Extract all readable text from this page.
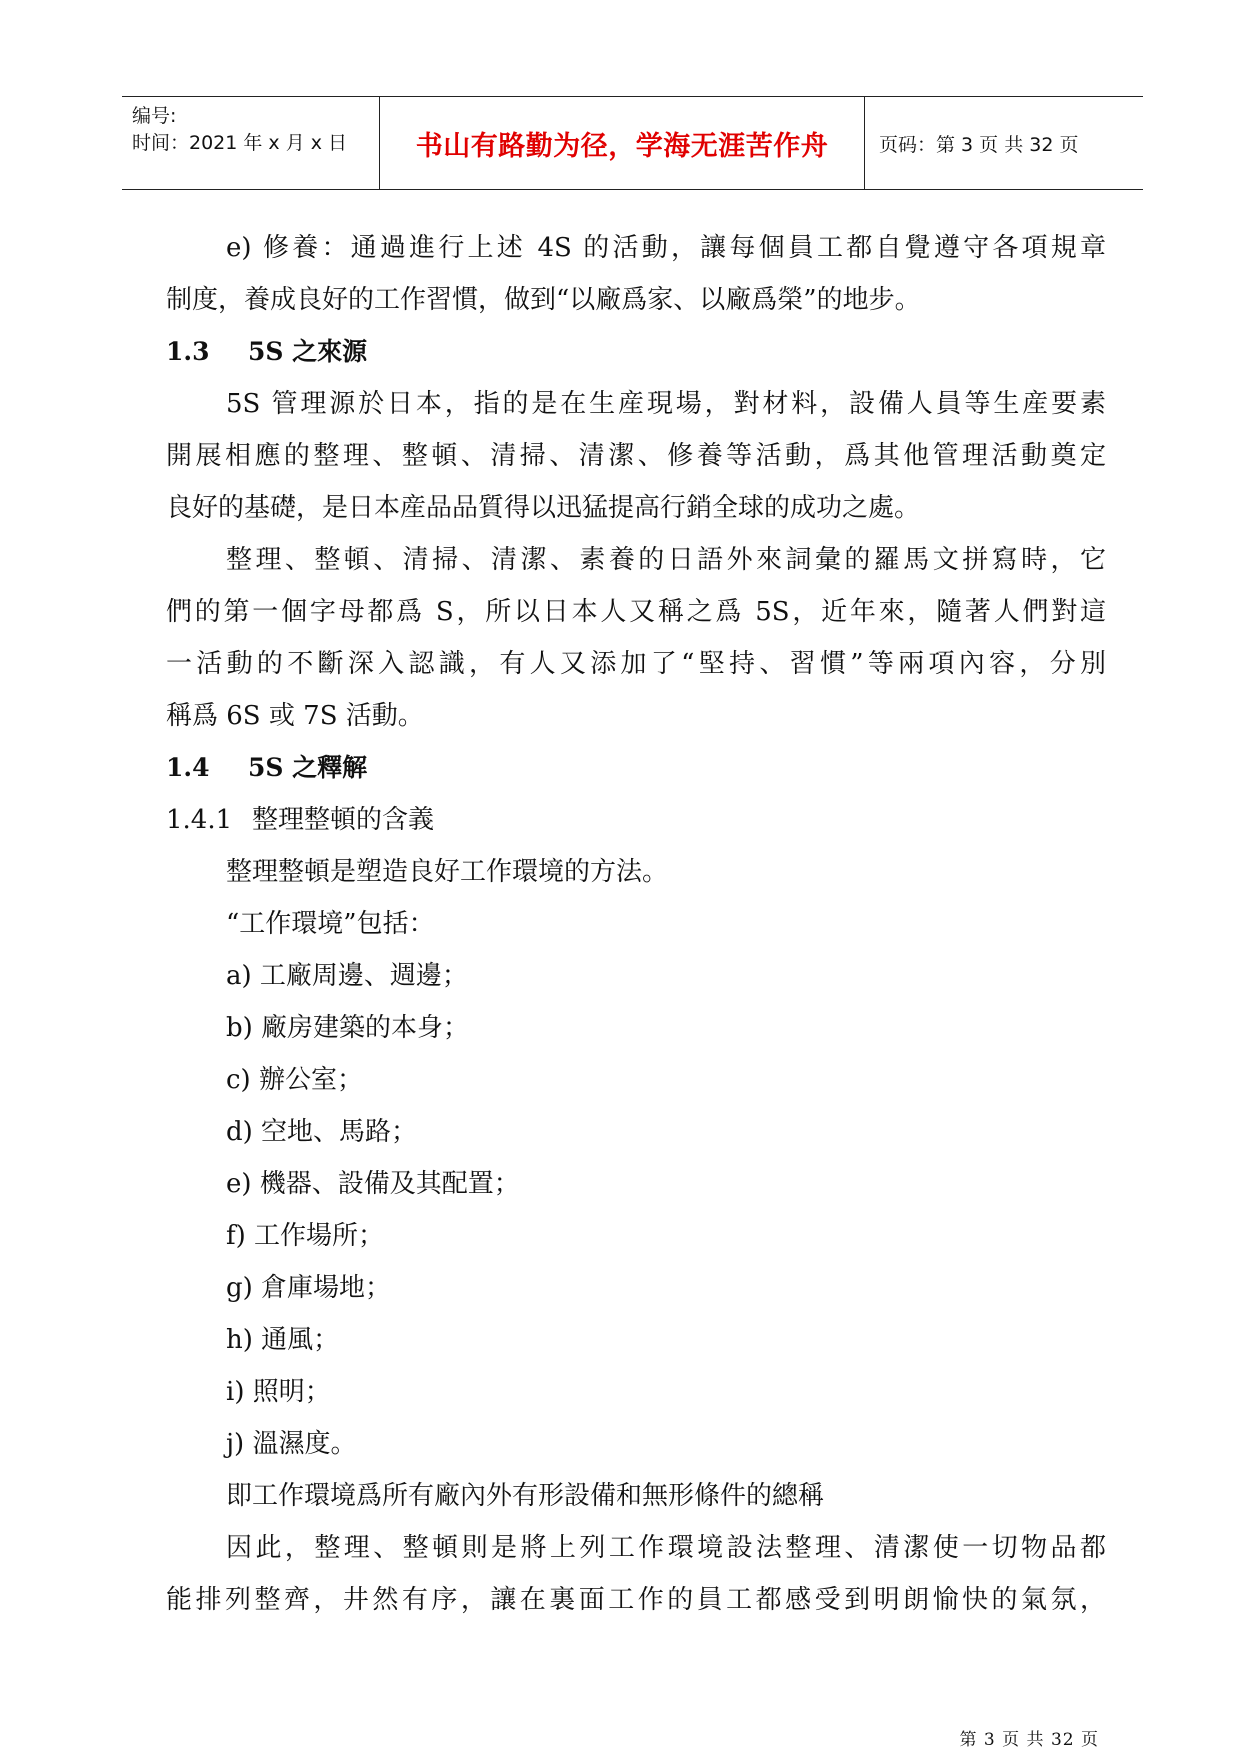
编号:
时间：2021 年 x 月 x 日	书山有路勤为径，学海无涯苦作舟	页码：第 3 页 共 32 页

e) 修養：通過進行上述 4S 的活動，讓每個員工都自覺遵守各項規章

制度，養成良好的工作習慣，做到“以廠爲家、以廠爲榮”的地步。

1.3 5S 之來源

5S 管理源於日本，指的是在生産現場，對材料，設備人員等生産要素

開展相應的整理、整頓、清掃、清潔、修養等活動，爲其他管理活動奠定

良好的基礎，是日本産品品質得以迅猛提高行銷全球的成功之處。

整理、整頓、清掃、清潔、素養的日語外來詞彙的羅馬文拼寫時，它

們的第一個字母都爲 S，所以日本人又稱之爲 5S，近年來，隨著人們對這

一活動的不斷深入認識，有人又添加了“堅持、習慣”等兩項內容，分別

稱爲 6S 或 7S 活動。

1.4 5S 之釋解

1.4.1 整理整頓的含義

整理整頓是塑造良好工作環境的方法。

“工作環境”包括：

a) 工廠周邊、週邊；

b) 廠房建築的本身；

c) 辦公室；

d) 空地、馬路；

e) 機器、設備及其配置；

f) 工作場所；

g) 倉庫場地；

h) 通風；

i) 照明；

j) 溫濕度。

即工作環境爲所有廠內外有形設備和無形條件的總稱

因此，整理、整頓則是將上列工作環境設法整理、清潔使一切物品都

能排列整齊，井然有序，讓在裏面工作的員工都感受到明朗愉快的氣氛，

第 3 页 共 32 页
